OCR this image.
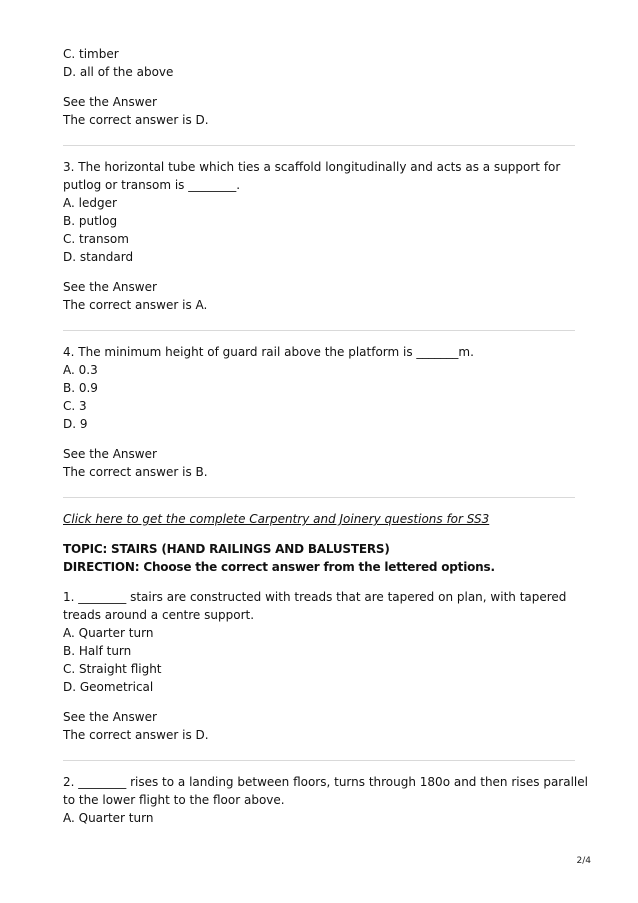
C. timber
D. all of the above
See the Answer
The correct answer is D.
3. The horizontal tube which ties a scaffold longitudinally and acts as a support for
putlog or transom is ________.
A. ledger
B. putlog
C. transom
D. standard
See the Answer
The correct answer is A.
4. The minimum height of guard rail above the platform is _______m.
A. 0.3
B. 0.9
C. 3
D. 9
See the Answer
The correct answer is B.
Click here to get the complete Carpentry and Joinery questions for SS3
TOPIC: STAIRS (HAND RAILINGS AND BALUSTERS)
DIRECTION: Choose the correct answer from the lettered options.
1. ________ stairs are constructed with treads that are tapered on plan, with tapered
treads around a centre support.
A. Quarter turn
B. Half turn
C. Straight flight
D. Geometrical
See the Answer
The correct answer is D.
2. ________ rises to a landing between floors, turns through 180o and then rises parallel
to the lower flight to the floor above.
A. Quarter turn
2/4
